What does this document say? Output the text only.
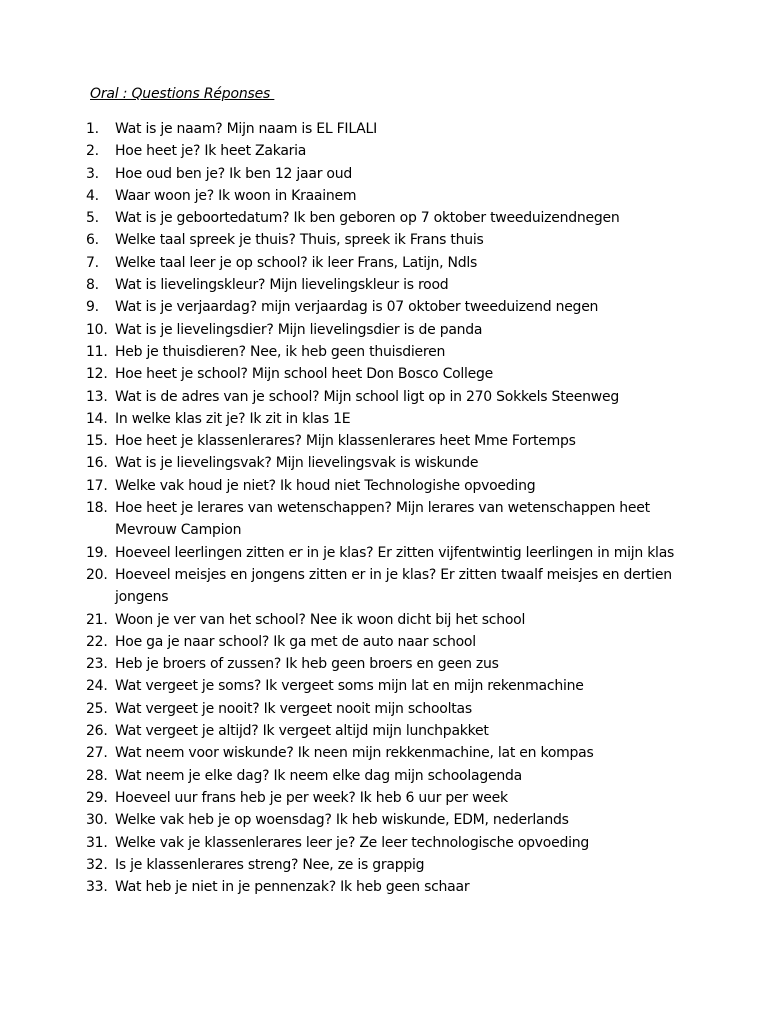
Oral : Questions Réponses
1.	Wat is je naam? Mijn naam is EL FILALI
2.	Hoe heet je? Ik heet Zakaria
3.	Hoe oud ben je? Ik ben 12 jaar oud
4.	Waar woon je? Ik woon in Kraainem
5.	Wat is je geboortedatum? Ik ben geboren op 7 oktober tweeduizendnegen
6.	Welke taal spreek je thuis? Thuis, spreek ik Frans thuis
7.	Welke taal leer je op school? ik leer Frans, Latijn, Ndls
8.	Wat is lievelingskleur? Mijn lievelingskleur is rood
9.	Wat is je verjaardag? mijn verjaardag is 07 oktober tweeduizend negen
10. Wat is je lievelingsdier? Mijn lievelingsdier is de panda
11. Heb je thuisdieren? Nee, ik heb geen thuisdieren
12. Hoe heet je school? Mijn school heet Don Bosco College
13. Wat is de adres van je school? Mijn school ligt op in 270 Sokkels Steenweg
14. In welke klas zit je? Ik zit in klas 1E
15. Hoe heet je klassenlerares? Mijn klassenlerares heet Mme Fortemps
16. Wat is je lievelingsvak? Mijn lievelingsvak is wiskunde
17. Welke vak houd je niet? Ik houd niet Technologishe opvoeding
18. Hoe heet je lerares van wetenschappen? Mijn lerares van wetenschappen heet Mevrouw Campion
19. Hoeveel leerlingen zitten er in je klas? Er zitten vijfentwintig leerlingen in mijn klas
20. Hoeveel meisjes en jongens zitten er in je klas? Er zitten twaalf meisjes en dertien jongens
21. Woon je ver van het school? Nee ik woon dicht bij het school
22. Hoe ga je naar school? Ik ga met de auto naar school
23. Heb je broers of zussen? Ik heb geen broers en geen zus
24. Wat vergeet je soms? Ik vergeet soms mijn lat en mijn rekenmachine
25. Wat vergeet je nooit? Ik vergeet nooit mijn schooltas
26. Wat vergeet je altijd? Ik vergeet altijd mijn lunchpakket
27. Wat neem voor wiskunde? Ik neen mijn rekkenmachine, lat en kompas
28. Wat neem je elke dag? Ik neem elke dag mijn schoolagenda
29. Hoeveel uur frans heb je per week? Ik heb 6 uur per week
30. Welke vak heb je op woensdag? Ik heb wiskunde, EDM, nederlands
31. Welke vak je klassenlerares leer je? Ze leer technologische opvoeding
32. Is je klassenlerares streng? Nee, ze is grappig
33. Wat heb je niet in je pennenzak? Ik heb geen schaar
